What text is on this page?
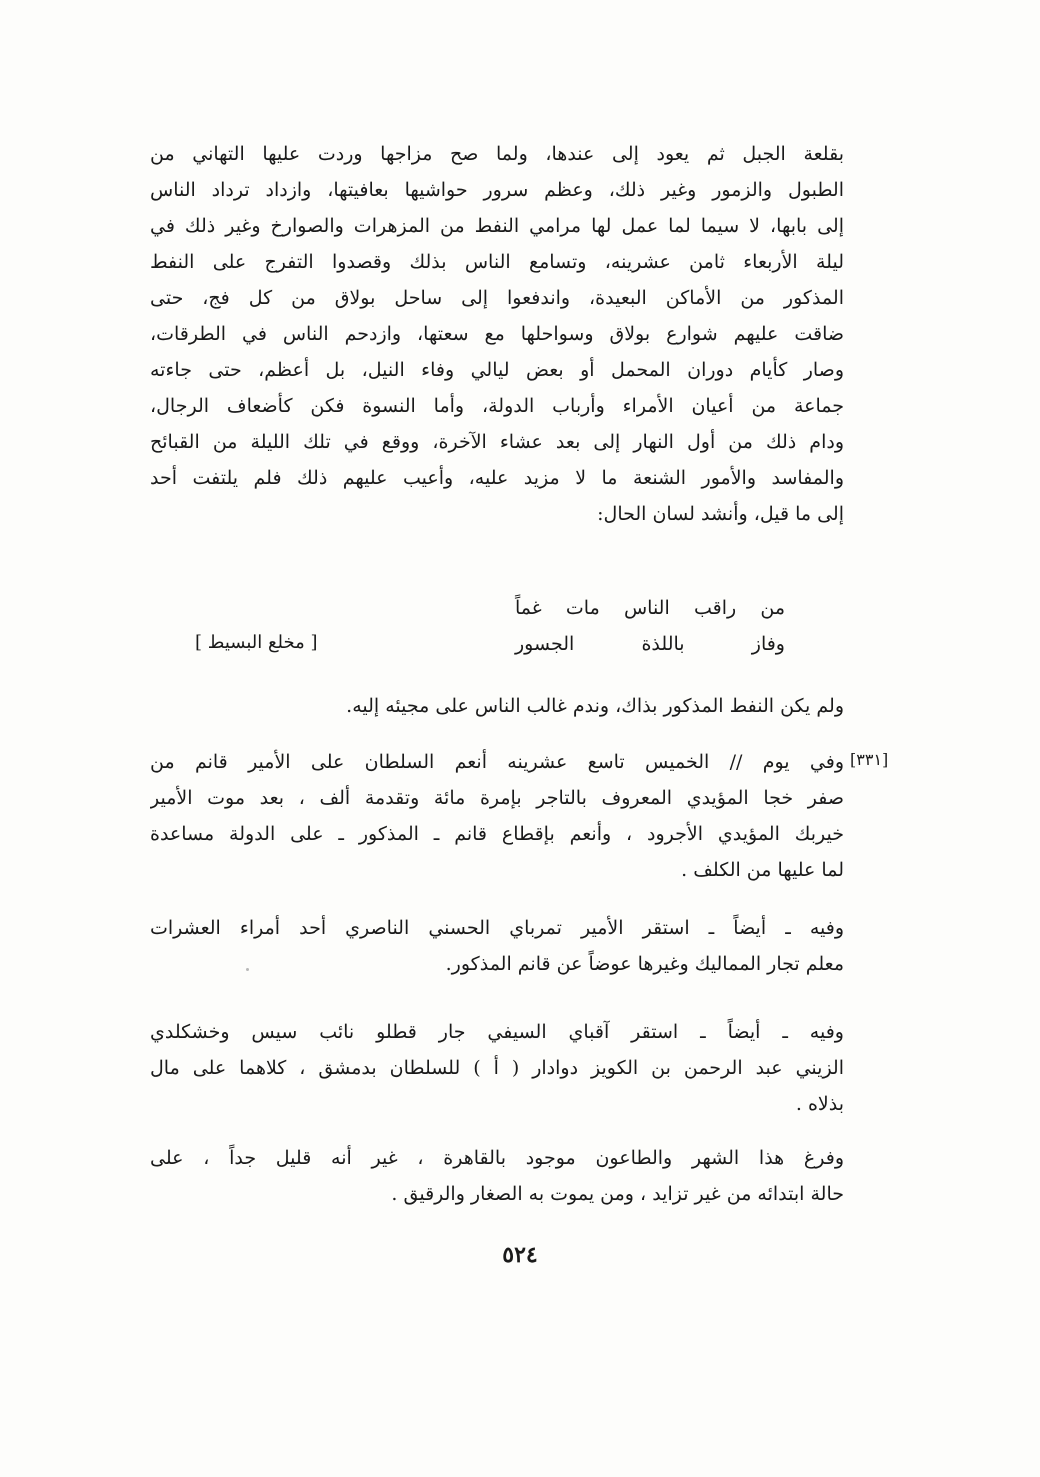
بقلعة الجبل ثم يعود إلى عندها، ولما صح مزاجها وردت عليها التهاني من
الطبول والزمور وغير ذلك، وعظم سرور حواشيها بعافيتها، وازداد ترداد الناس
إلى بابها، لا سيما لما عمل لها مرامي النفط من المزهرات والصوارخ وغير ذلك في
ليلة الأربعاء ثامن عشرينه، وتسامع الناس بذلك وقصدوا التفرج على النفط
المذكور من الأماكن البعيدة، واندفعوا إلى ساحل بولاق من كل فج، حتى
ضاقت عليهم شوارع بولاق وسواحلها مع سعتها، وازدحم الناس في الطرقات،
وصار كأيام دوران المحمل أو بعض ليالي وفاء النيل، بل أعظم، حتى جاءته
جماعة من أعيان الأمراء وأرباب الدولة، وأما النسوة فكن كأضعاف الرجال،
ودام ذلك من أول النهار إلى بعد عشاء الآخرة، ووقع في تلك الليلة من القبائح
والمفاسد والأمور الشنعة ما لا مزيد عليه، وأعيب عليهم ذلك فلم يلتفت أحد
إلى ما قيل، وأنشد لسان الحال:
من راقب الناس مات غماً وفاز باللذة الجسور
[ مخلع البسيط ]
ولم يكن النفط المذكور بذاك، وندم غالب الناس على مجيئه إليه.
[٣٣١]
وفي يوم // الخميس تاسع عشرينه أنعم السلطان على الأمير قانم من
صفر خجا المؤيدي المعروف بالتاجر بإمرة مائة وتقدمة ألف ، بعد موت الأمير
خيربك المؤيدي الأجرود ، وأنعم بإقطاع قانم ـ المذكور ـ على الدولة مساعدة
لما عليها من الكلف .
وفيه ـ أيضاً ـ استقر الأمير تمرباي الحسني الناصري أحد أمراء العشرات
معلم تجار المماليك وغيرها عوضاً عن قانم المذكور.
وفيه ـ أيضاً ـ استقر آقباي السيفي جار قطلو نائب سيس وخشكلدي
الزيني عبد الرحمن بن الكويز دوادار ( أ ) للسلطان بدمشق ، كلاهما على مال
بذلاه .
وفرغ هذا الشهر والطاعون موجود بالقاهرة ، غير أنه قليل جداً ، على
حالة ابتدائه من غير تزايد ، ومن يموت به الصغار والرقيق .
٥٢٤
